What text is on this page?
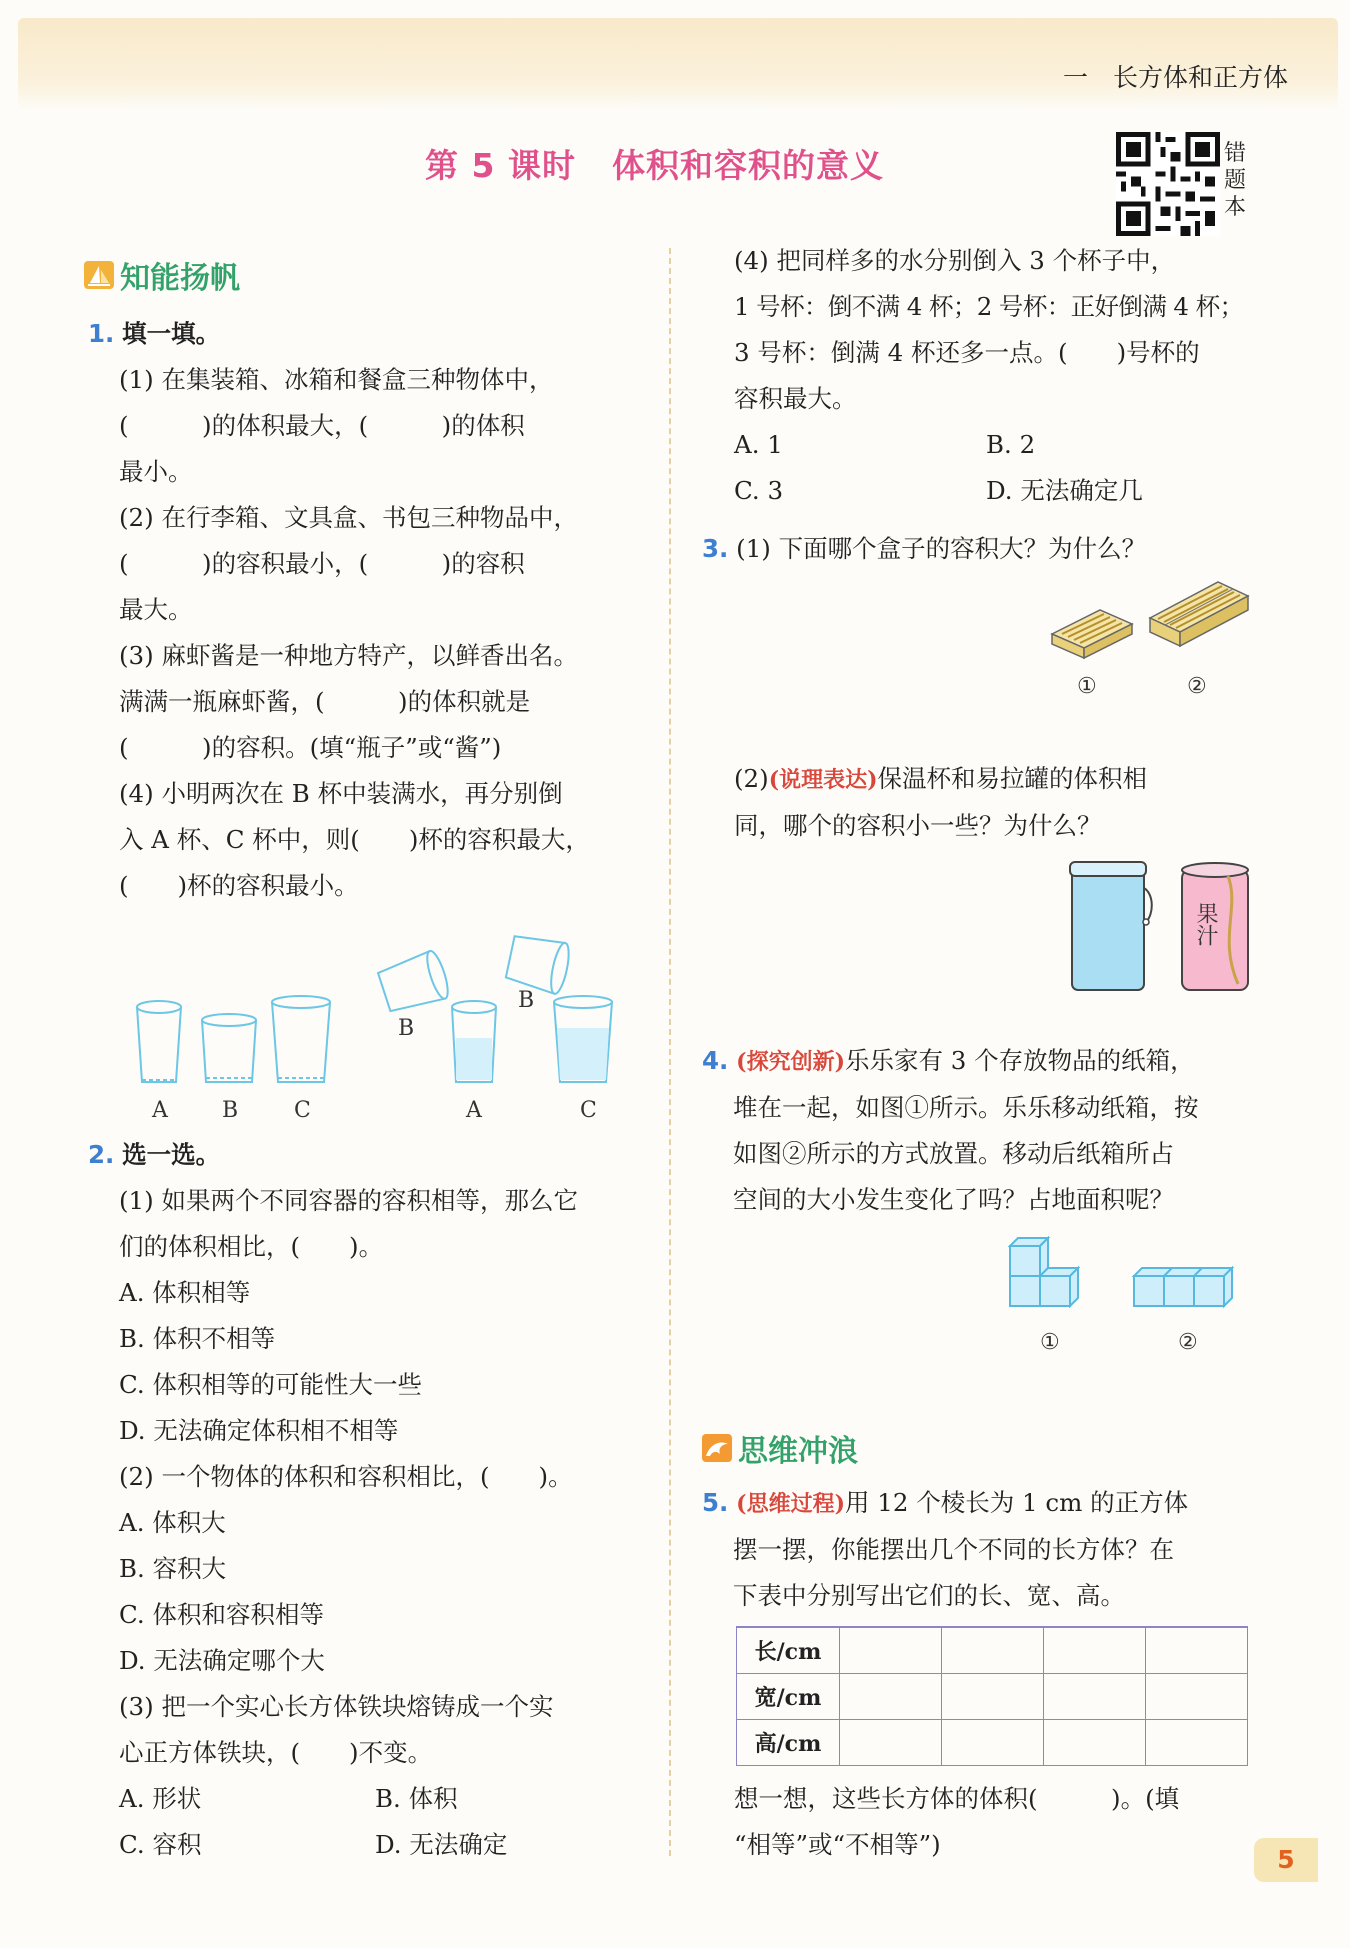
一　长方体和正方体
第 5 课时 体积和容积的意义	错
题
本
知能扬帆
1. 填一填。
(1) 在集装箱、冰箱和餐盒三种物体中，
(　　　)的体积最大，(　　　)的体积
最小。
(2) 在行李箱、文具盒、书包三种物品中，
(　　　)的容积最小，(　　　)的容积
最大。
(3) 麻虾酱是一种地方特产，以鲜香出名。
满满一瓶麻虾酱，(　　　)的体积就是
(　　　)的容积。(填“瓶子”或“酱”)
(4) 小明两次在 B 杯中装满水，再分别倒
入 A 杯、C 杯中，则(　　)杯的容积最大，
(　　)杯的容积最小。
A B	C
B
B
A	C
2. 选一选。
(1) 如果两个不同容器的容积相等，那么它
们的体积相比，(　　)。
A. 体积相等
B. 体积不相等
C. 体积相等的可能性大一些
D. 无法确定体积相不相等
(2) 一个物体的体积和容积相比，(　　)。
A. 体积大
B. 容积大
C. 体积和容积相等
D. 无法确定哪个大
(3) 把一个实心长方体铁块熔铸成一个实
心正方体铁块，(　　)不变。
A. 形状	B. 体积
C. 容积	D. 无法确定
(4) 把同样多的水分别倒入 3 个杯子中，
1 号杯：倒不满 4 杯；2 号杯：正好倒满 4 杯；
3 号杯：倒满 4 杯还多一点。(　　)号杯的
容积最大。
A. 1	B. 2
C. 3	D. 无法确定几
3. (1) 下面哪个盒子的容积大？为什么？
①	②
(2)(说理表达)保温杯和易拉罐的体积相
同，哪个的容积小一些？为什么？
果汁
4. (探究创新)乐乐家有 3 个存放物品的纸箱，
堆在一起，如图①所示。乐乐移动纸箱，按
如图②所示的方式放置。移动后纸箱所占
空间的大小发生变化了吗？占地面积呢？
①	②
思维冲浪
5. (思维过程)用 12 个棱长为 1 cm 的正方体
摆一摆，你能摆出几个不同的长方体？在
下表中分别写出它们的长、宽、高。
长/cm				
宽/cm				
高/cm				
想一想，这些长方体的体积(　　　)。(填
“相等”或“不相等”)
5
